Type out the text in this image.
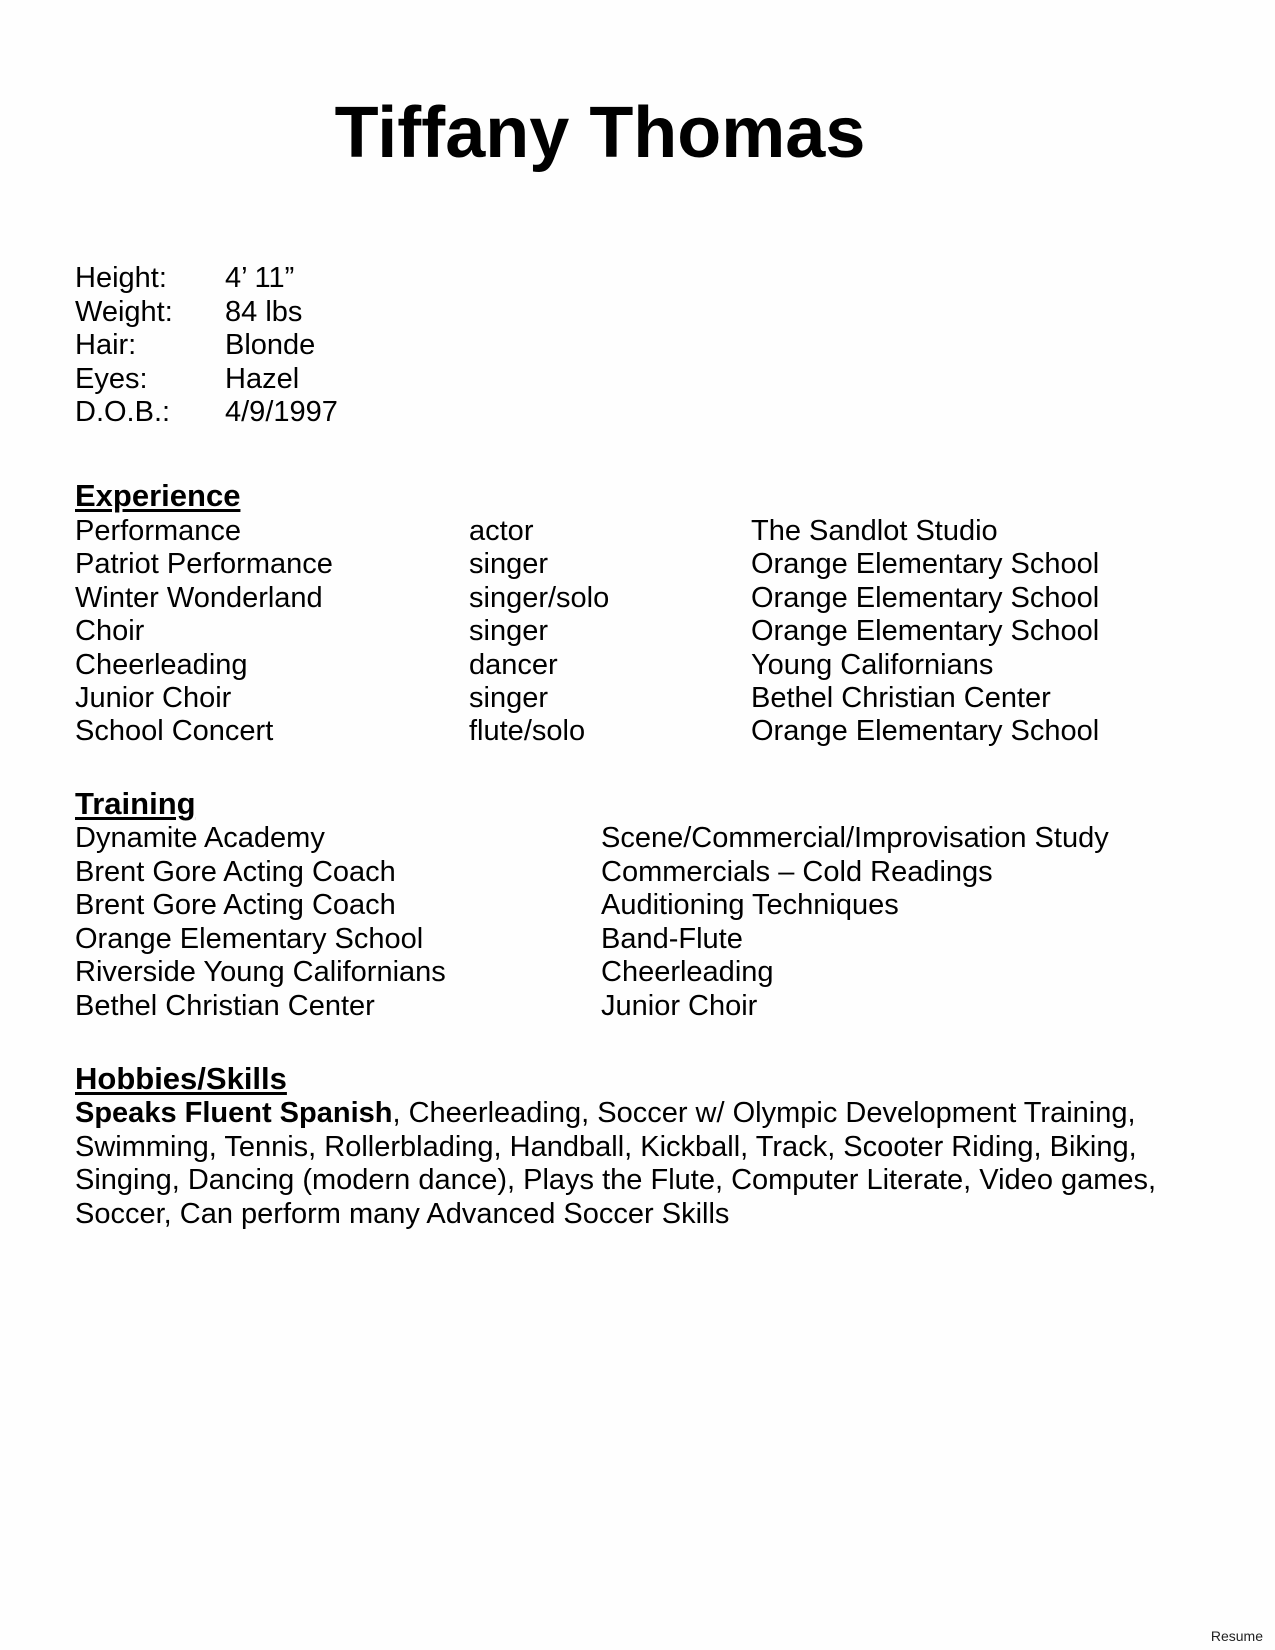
Tiffany Thomas
Height:	4’ 11”
Weight:	84 lbs
Hair:	Blonde
Eyes:	Hazel
D.O.B.:	4/9/1997
Experience
Performance	actor	The Sandlot Studio
Patriot Performance	singer	Orange Elementary School
Winter Wonderland	singer/solo	Orange Elementary School
Choir	singer	Orange Elementary School
Cheerleading	dancer	Young Californians
Junior Choir	singer	Bethel Christian Center
School Concert	flute/solo	Orange Elementary School
Training
Dynamite Academy	Scene/Commercial/Improvisation Study
Brent Gore Acting Coach	Commercials – Cold Readings
Brent Gore Acting Coach	Auditioning Techniques
Orange Elementary School	Band-Flute
Riverside Young Californians	Cheerleading
Bethel Christian Center	Junior Choir
Hobbies/Skills
Speaks Fluent Spanish, Cheerleading, Soccer w/ Olympic Development Training, Swimming, Tennis, Rollerblading, Handball, Kickball, Track, Scooter Riding, Biking, Singing, Dancing (modern dance), Plays the Flute, Computer Literate, Video games, Soccer, Can perform many Advanced Soccer Skills
Resume
